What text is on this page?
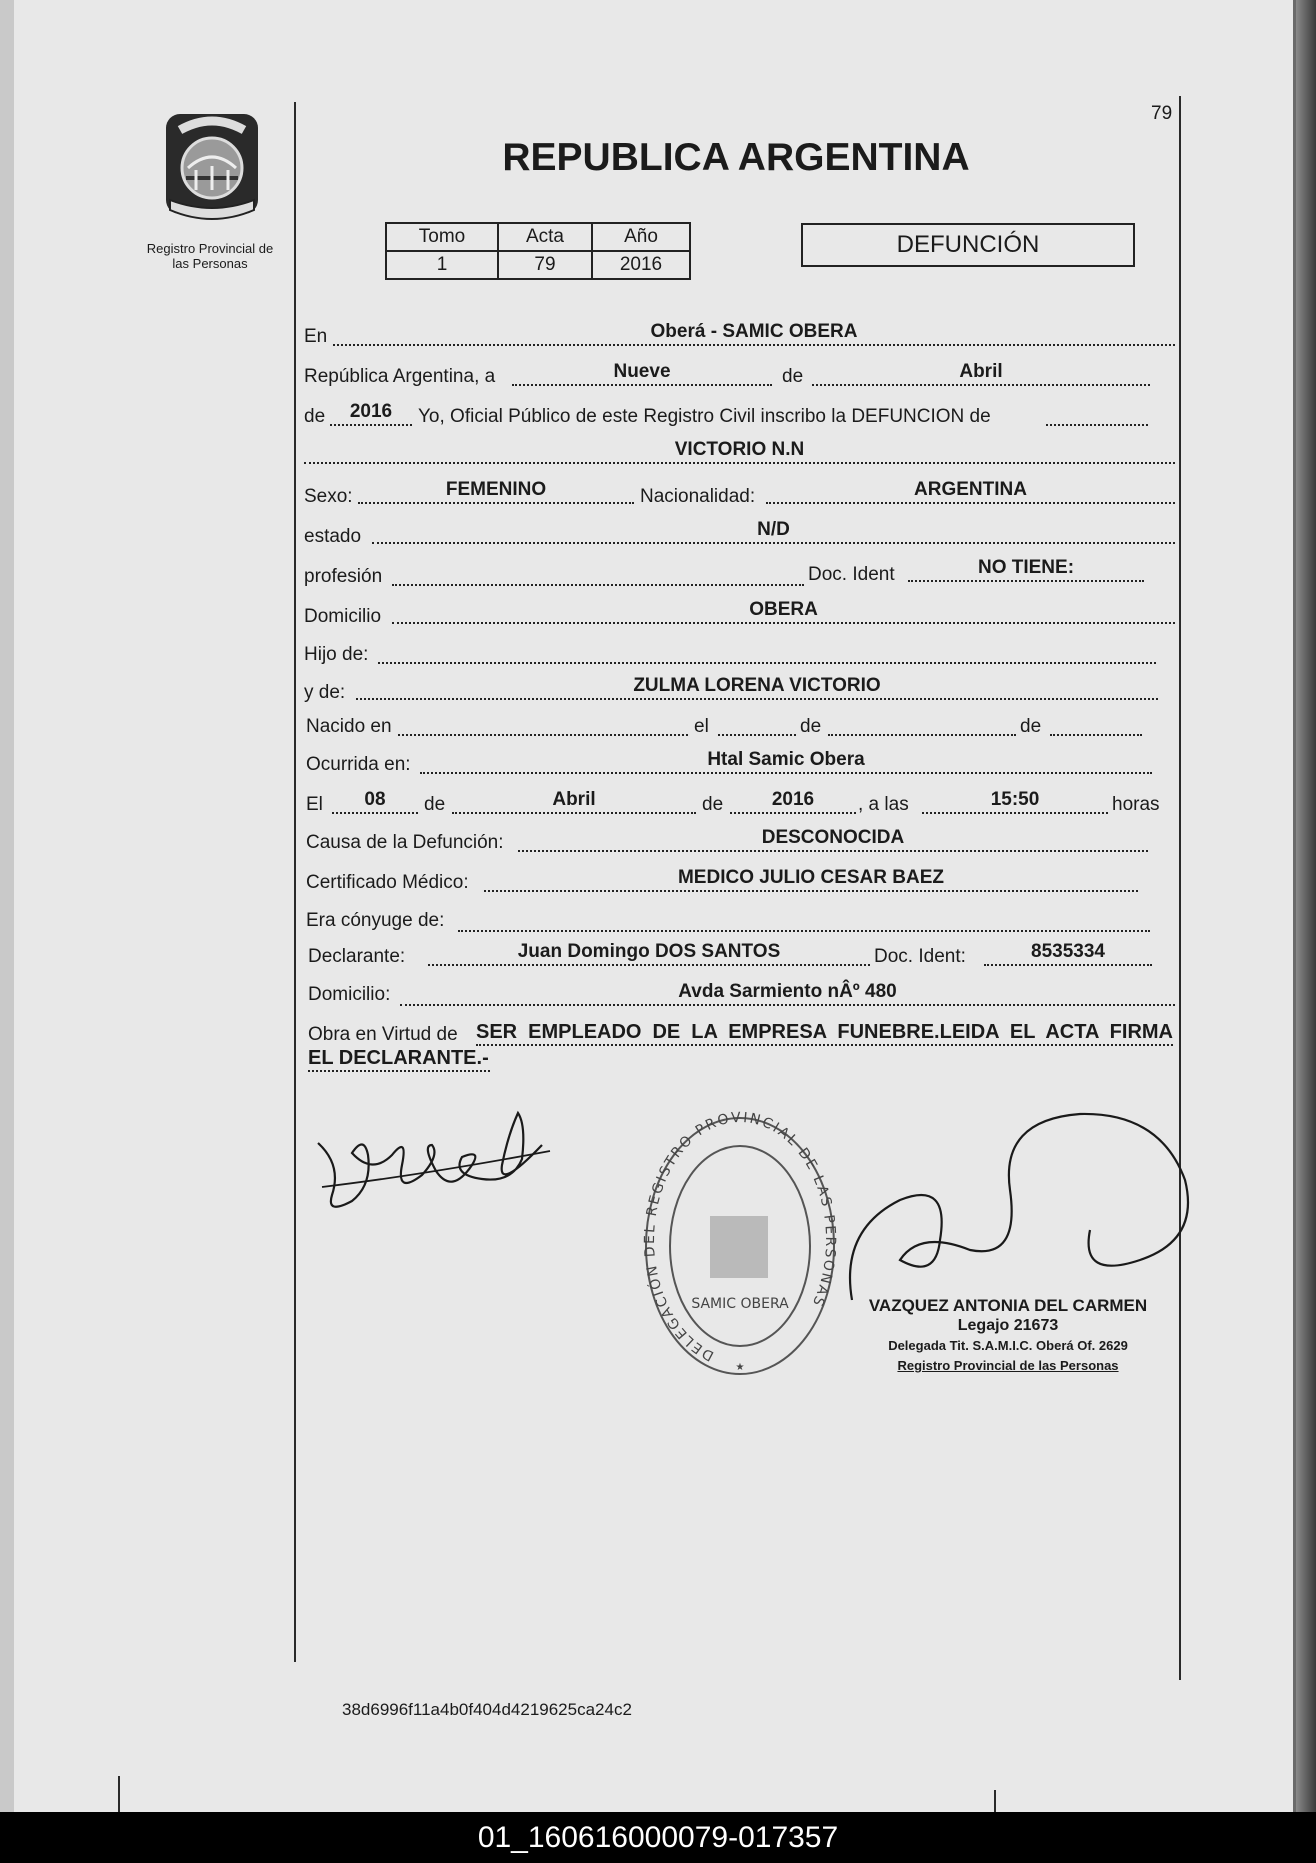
79
Registro Provincial de
las Personas
REPUBLICA ARGENTINA
Tomo	Acta	Año
1	79	2016
DEFUNCIÓN
En	Oberá - SAMIC OBERA
República Argentina, a	Nueve	de	Abril
de	2016	Yo, Oficial Público de este Registro Civil inscribo la DEFUNCION de
VICTORIO N.N
Sexo:	FEMENINO	Nacionalidad:	ARGENTINA
estado	N/D
profesión	Doc. Ident	NO TIENE:
Domicilio	OBERA
Hijo de:
y de:	ZULMA LORENA VICTORIO
Nacido en	el	de	de
Ocurrida en:	Htal Samic Obera
El	08	de	Abril	de	2016	, a las	15:50	horas
Causa de la Defunción:	DESCONOCIDA
Certificado Médico:	MEDICO JULIO CESAR BAEZ
Era cónyuge de:
Declarante:	Juan Domingo DOS SANTOS	Doc. Ident:	8535334
Domicilio:	Avda Sarmiento nÂº 480
Obra en Virtud de SER EMPLEADO DE LA EMPRESA FUNEBRE.LEIDA EL ACTA FIRMA
EL DECLARANTE.-
DELEGACIÓN DEL REGISTRO PROVINCIAL DE LAS PERSONAS
SAMIC OBERA
★
VAZQUEZ ANTONIA DEL CARMEN
Legajo 21673
Delegada Tit. S.A.M.I.C. Oberá Of. 2629
Registro Provincial de las Personas
38d6996f11a4b0f404d4219625ca24c2
01_160616000079-017357
